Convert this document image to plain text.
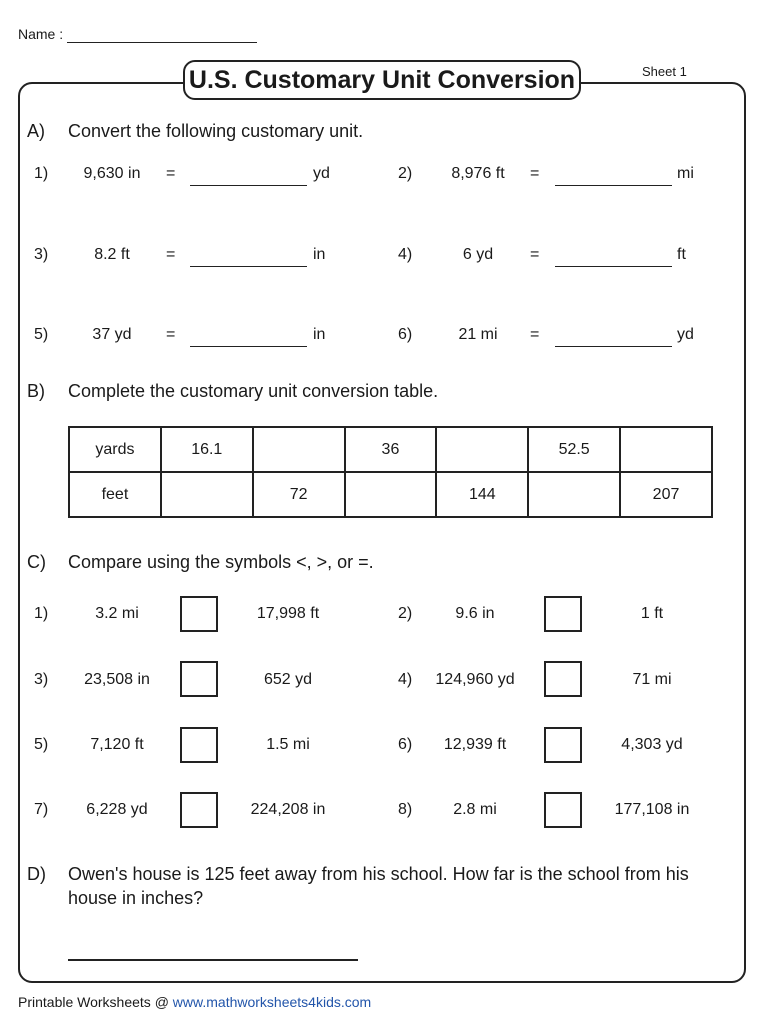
Name :
U.S. Customary Unit Conversion	Sheet 1
A) Convert the following customary unit.
1)	9,630 in	=	yd	2)	8,976 ft	=	mi
3)	8.2 ft	=	in	4)	6 yd	=	ft
5)	37 yd	=	in	6)	21 mi	=	yd
B) Complete the customary unit conversion table.
yards	16.1		36		52.5	
feet		72		144		207
C) Compare using the symbols <, >, or =.
1)	3.2 mi	17,998 ft	2)	9.6 in	1 ft
3)	23,508 in	652 yd	4)	124,960 yd	71 mi
5)	7,120 ft	1.5 mi	6)	12,939 ft	4,303 yd
7)	6,228 yd	224,208 in	8)	2.8 mi	177,108 in
D) Owen's house is 125 feet away from his school. How far is the school from his house in inches?
Printable Worksheets @ www.mathworksheets4kids.com
